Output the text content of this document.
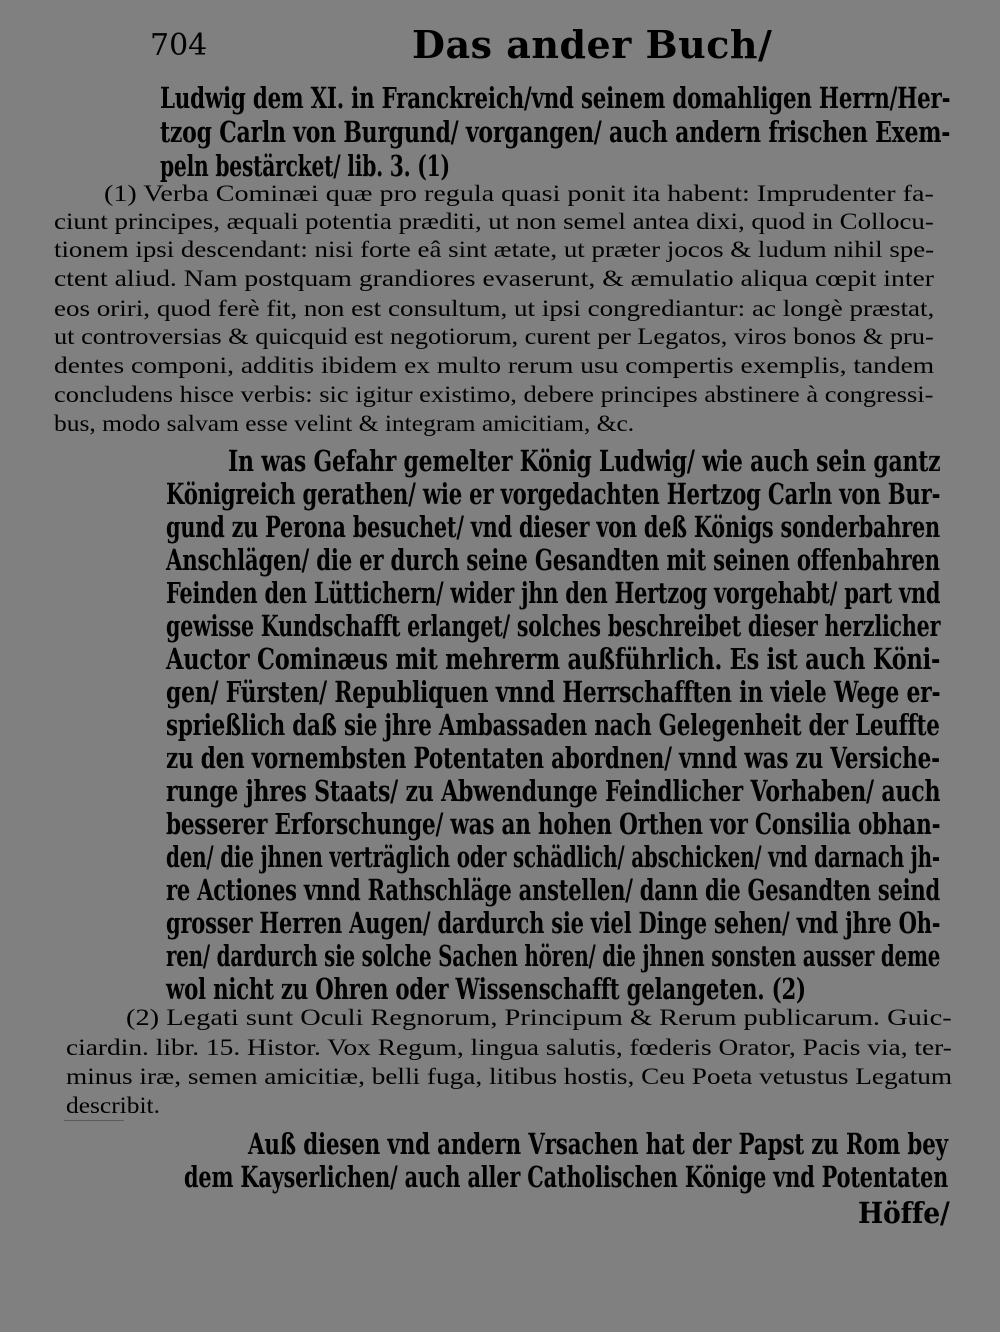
704	Das ander Buch/
Ludwig dem XI. in Franckreich/vnd seinem domahligen Herrn/Her-
tzog Carln von Burgund/ vorgangen/ auch andern frischen Exem-
peln bestärcket/ lib. 3. (1)
(1) Verba Cominæi quæ pro regula quasi ponit ita habent: Imprudenter fa-
ciunt principes, æquali potentia præditi, ut non semel antea dixi, quod in Collocu-
tionem ipsi descendant: nisi forte eâ sint ætate, ut præter jocos & ludum nihil spe-
ctent aliud. Nam postquam grandiores evaserunt, & æmulatio aliqua cœpit inter
eos oriri, quod ferè fit, non est consultum, ut ipsi congrediantur: ac longè præstat,
ut controversias & quicquid est negotiorum, curent per Legatos, viros bonos & pru-
dentes componi, additis ibidem ex multo rerum usu compertis exemplis, tandem
concludens hisce verbis: sic igitur existimo, debere principes abstinere à congressi-
bus, modo salvam esse velint & integram amicitiam, &c.
In was Gefahr gemelter König Ludwig/ wie auch sein gantz
Königreich gerathen/ wie er vorgedachten Hertzog Carln von Bur-
gund zu Perona besuchet/ vnd dieser von deß Königs sonderbahren
Anschlägen/ die er durch seine Gesandten mit seinen offenbahren
Feinden den Lüttichern/ wider jhn den Hertzog vorgehabt/ part vnd
gewisse Kundschafft erlanget/ solches beschreibet dieser herzlicher
Auctor Cominæus mit mehrerm außführlich. Es ist auch Köni-
gen/ Fürsten/ Republiquen vnnd Herrschafften in viele Wege er-
sprießlich daß sie jhre Ambassaden nach Gelegenheit der Leuffte
zu den vornembsten Potentaten abordnen/ vnnd was zu Versiche-
runge jhres Staats/ zu Abwendunge Feindlicher Vorhaben/ auch
besserer Erforschunge/ was an hohen Orthen vor Consilia obhan-
den/ die jhnen verträglich oder schädlich/ abschicken/ vnd darnach jh-
re Actiones vnnd Rathschläge anstellen/ dann die Gesandten seind
grosser Herren Augen/ dardurch sie viel Dinge sehen/ vnd jhre Oh-
ren/ dardurch sie solche Sachen hören/ die jhnen sonsten ausser deme
wol nicht zu Ohren oder Wissenschafft gelangeten. (2)
(2) Legati sunt Oculi Regnorum, Principum & Rerum publicarum. Guic-
ciardin. libr. 15. Histor. Vox Regum, lingua salutis, fœderis Orator, Pacis via, ter-
minus iræ, semen amicitiæ, belli fuga, litibus hostis, Ceu Poeta vetustus Legatum
describit.
Auß diesen vnd andern Vrsachen hat der Papst zu Rom bey
dem Kayserlichen/ auch aller Catholischen Könige vnd Potentaten
Höffe/
